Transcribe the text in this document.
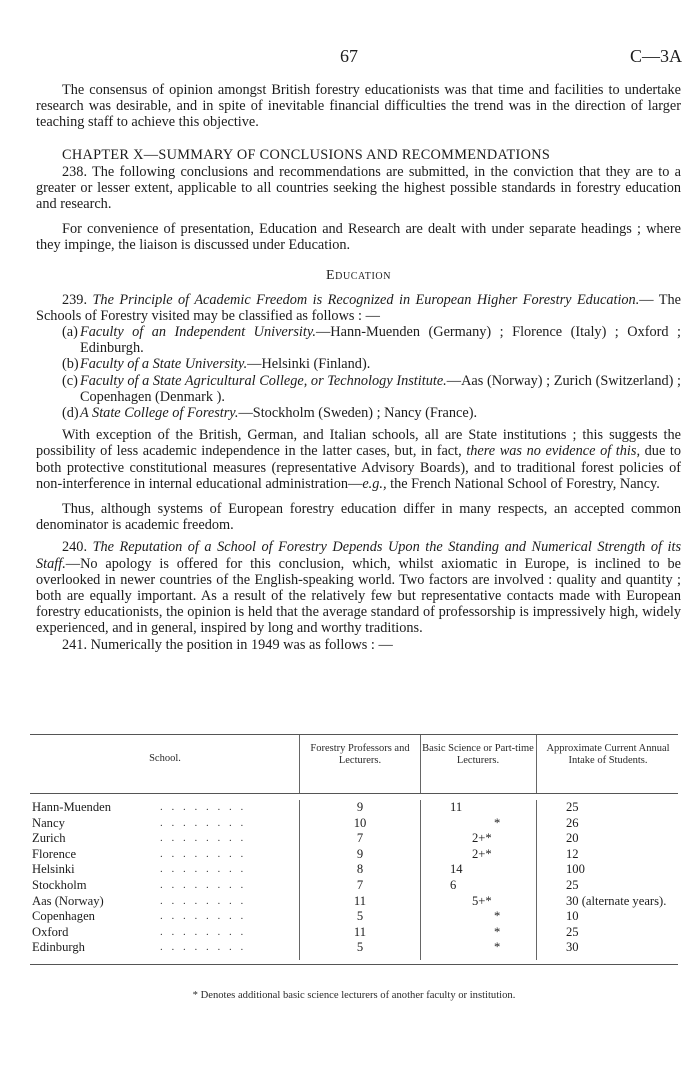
67	C—3A

The consensus of opinion amongst British forestry educationists was that time and facilities to undertake research was desirable, and in spite of inevitable financial difficulties the trend was in the direction of larger teaching staff to achieve this objective.

CHAPTER X—SUMMARY OF CONCLUSIONS AND RECOMMENDATIONS

238. The following conclusions and recommendations are submitted, in the conviction that they are to a greater or lesser extent, applicable to all countries seeking the highest possible standards in forestry education and research.

For convenience of presentation, Education and Research are dealt with under separate headings ; where they impinge, the liaison is discussed under Education.

Education

239. The Principle of Academic Freedom is Recognized in European Higher Forestry Education.— The Schools of Forestry visited may be classified as follows : —

(a) Faculty of an Independent University.—Hann-Muenden (Germany) ; Florence (Italy) ; Oxford ; Edinburgh.
(b)Faculty of a State University.—Helsinki (Finland).
(c) Faculty of a State Agricultural College, or Technology Institute.—Aas (Norway) ; Zurich (Switzerland) ; Copenhagen (Denmark ).
(d)A State College of Forestry.—Stockholm (Sweden) ; Nancy (France).

With exception of the British, German, and Italian schools, all are State institutions ; this suggests the possibility of less academic independence in the latter cases, but, in fact, there was no evidence of this, due to both protective constitutional measures (representative Advisory Boards), and to traditional forest policies of non-interference in internal educational administration—e.g., the French National School of Forestry, Nancy.

Thus, although systems of European forestry education differ in many respects, an accepted common denominator is academic freedom.

240. The Reputation of a School of Forestry Depends Upon the Standing and Numerical Strength of its Staff.—No apology is offered for this conclusion, which, whilst axiomatic in Europe, is inclined to be overlooked in newer countries of the English-speaking world. Two factors are involved : quality and quantity ; both are equally important. As a result of the relatively few but representative contacts made with European forestry educationists, the opinion is held that the average standard of professorship is impressively high, widely experienced, and in general, inspired by long and worthy traditions.

241. Numerically the position in 1949 was as follows : —

School.
Forestry Professors and Lecturers.
Basic Science or Part-time Lecturers.
Approximate Current Annual Intake of Students.
Hann-Muenden	. . . . . . . .	9	11	25
Nancy	. . . . . . . .	10	*	26
Zurich	. . . . . . . .	7	2+*	20
Florence	. . . . . . . .	9	2+*	12
Helsinki	. . . . . . . .	8	14	100
Stockholm	. . . . . . . .	7	6	25
Aas (Norway)	. . . . . . . .	11	5+*	30 (alternate years).
Copenhagen	. . . . . . . .	5	*	10
Oxford	. . . . . . . .	11	*	25
Edinburgh	. . . . . . . .	5	*	30
* Denotes additional basic science lecturers of another faculty or institution.
